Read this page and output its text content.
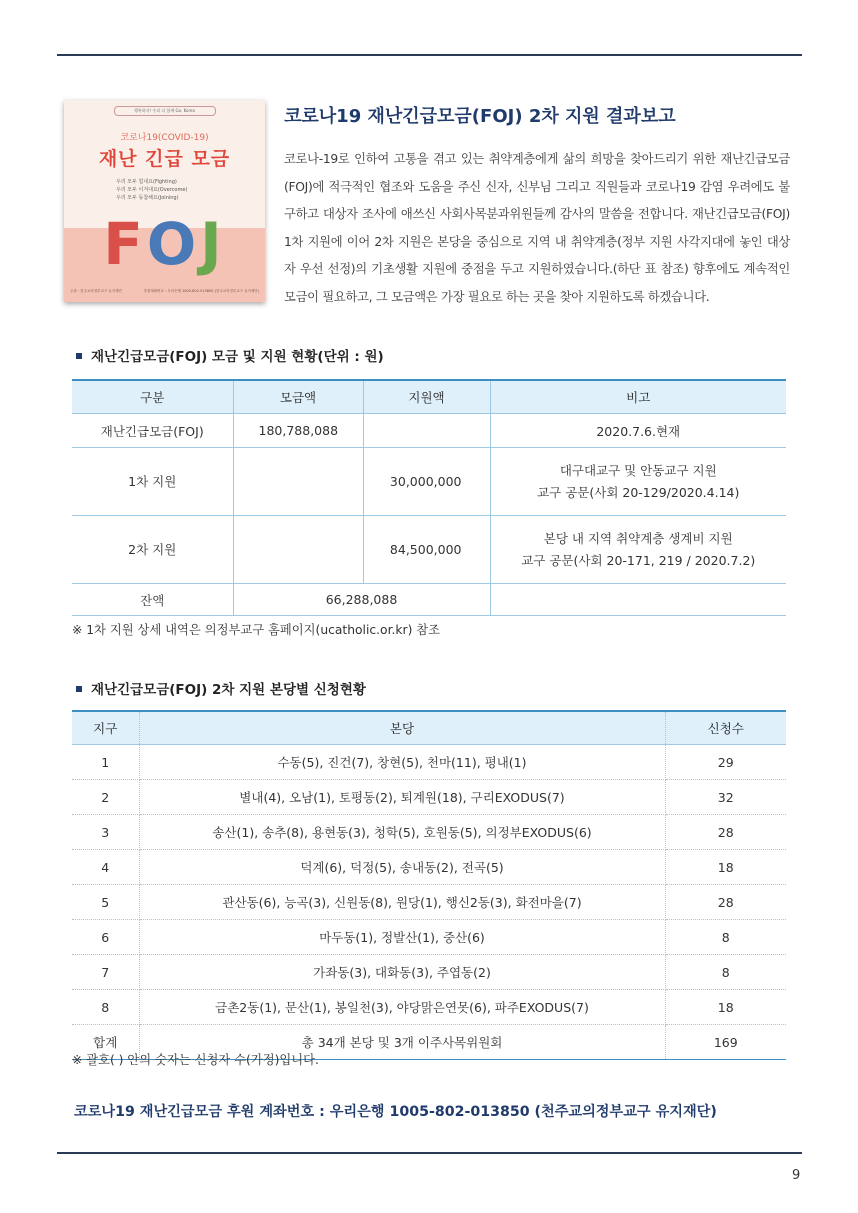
행복하자! 우리 다 함께 Go, Korea
코로나19(COVID-19)
재난 긴급 모금
우리 모두 힘내요(Fighting)
우리 모두 이겨내요(Overcome)
우리 모두 동참해요(Joining)
FOJ
주관 : 천주교의정부교구 유지재단	후원계좌번호 : 우리은행 1005-802-013850 (천주교의정부교구 유지재단)
코로나19 재난긴급모금(FOJ) 2차 지원 결과보고
코로나-19로 인하여 고통을 겪고 있는 취약계층에게 삶의 희망을 찾아드리기 위한 재난긴급모금(FOJ)에 적극적인 협조와 도움을 주신 신자, 신부님 그리고 직원들과 코로나19 감염 우려에도 불구하고 대상자 조사에 애쓰신 사회사목분과위원들께 감사의 말씀을 전합니다. 재난긴급모금(FOJ) 1차 지원에 이어 2차 지원은 본당을 중심으로 지역 내 취약계층(정부 지원 사각지대에 놓인 대상자 우선 선정)의 기초생활 지원에 중점을 두고 지원하였습니다.(하단 표 참조) 향후에도 계속적인 모금이 필요하고, 그 모금액은 가장 필요로 하는 곳을 찾아 지원하도록 하겠습니다.
재난긴급모금(FOJ) 모금 및 지원 현황(단위 : 원)
구분	모금액	지원액	비고
재난긴급모금(FOJ)	180,788,088		2020.7.6.현재
1차 지원		30,000,000	대구대교구 및 안동교구 지원
교구 공문(사회 20-129/2020.4.14)

2차 지원		84,500,000	본당 내 지역 취약계층 생계비 지원
교구 공문(사회 20-171, 219 / 2020.7.2)

잔액	66,288,088		
※ 1차 지원 상세 내역은 의정부교구 홈페이지(ucatholic.or.kr) 참조
재난긴급모금(FOJ) 2차 지원 본당별 신청현황
지구	본당	신청수
1	수동(5), 진건(7), 창현(5), 천마(11), 평내(1)	29
2	별내(4), 오남(1), 토평동(2), 퇴계원(18), 구리EXODUS(7)	32
3	송산(1), 송추(8), 용현동(3), 청학(5), 호원동(5), 의정부EXODUS(6)	28
4	덕계(6), 덕정(5), 송내동(2), 전곡(5)	18
5	관산동(6), 능곡(3), 신원동(8), 원당(1), 행신2동(3), 화전마을(7)	28
6	마두동(1), 정발산(1), 중산(6)	8
7	가좌동(3), 대화동(3), 주엽동(2)	8
8	금촌2동(1), 문산(1), 봉일천(3), 야당맑은연못(6), 파주EXODUS(7)	18
합계	총 34개 본당 및 3개 이주사목위원회	169
※ 괄호( ) 안의 숫자는 신청자 수(가정)입니다.
코로나19 재난긴급모금 후원 계좌번호 : 우리은행 1005-802-013850 (천주교의정부교구 유지재단)
9
